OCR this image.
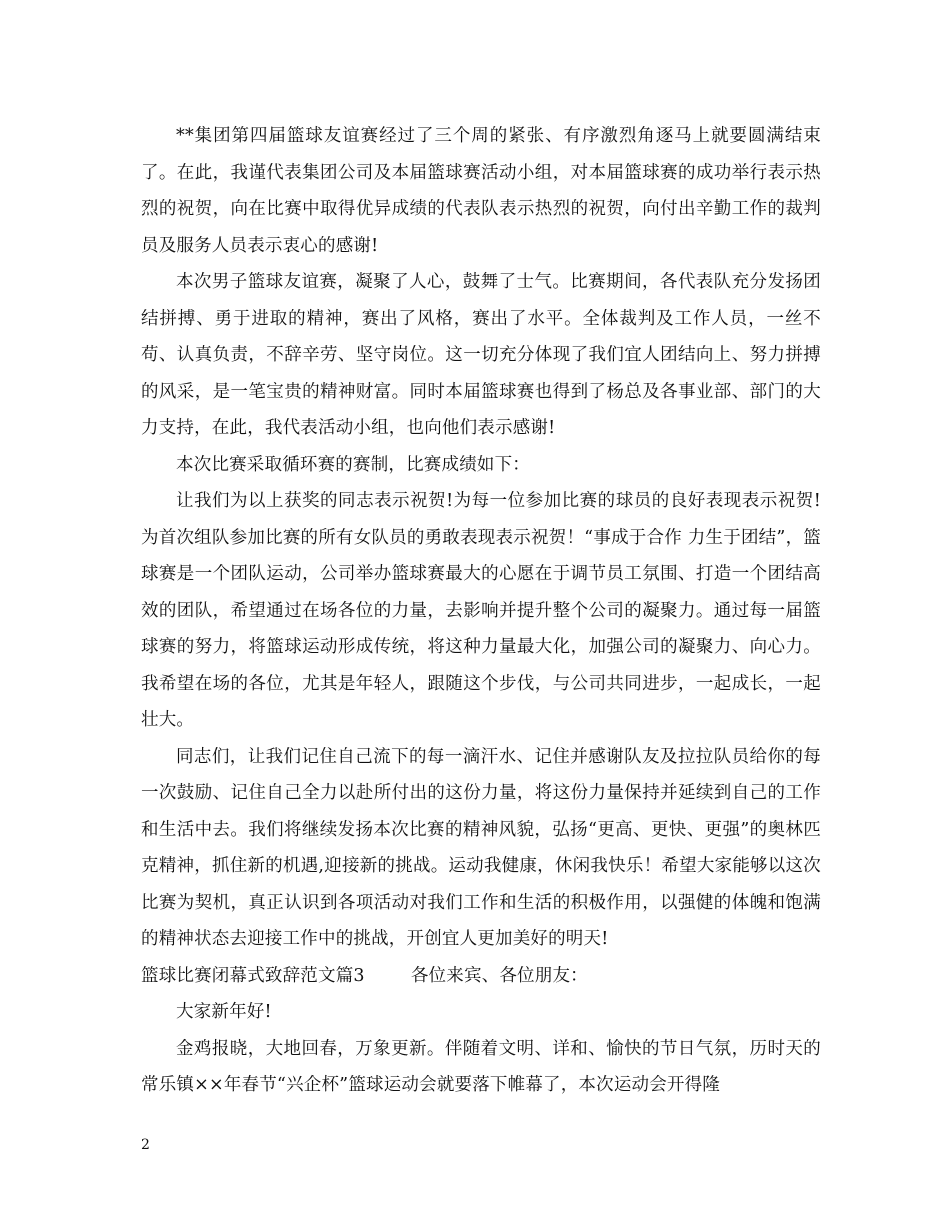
**集团第四届篮球友谊赛经过了三个周的紧张、有序激烈角逐马上就要圆满结束了。在此，我谨代表集团公司及本届篮球赛活动小组，对本届篮球赛的成功举行表示热烈的祝贺，向在比赛中取得优异成绩的代表队表示热烈的祝贺，向付出辛勤工作的裁判员及服务人员表示衷心的感谢!

本次男子篮球友谊赛，凝聚了人心，鼓舞了士气。比赛期间，各代表队充分发扬团结拼搏、勇于进取的精神，赛出了风格，赛出了水平。全体裁判及工作人员，一丝不苟、认真负责，不辞辛劳、坚守岗位。这一切充分体现了我们宜人团结向上、努力拼搏的风采，是一笔宝贵的精神财富。同时本届篮球赛也得到了杨总及各事业部、部门的大力支持，在此，我代表活动小组，也向他们表示感谢!

本次比赛采取循环赛的赛制，比赛成绩如下：

让我们为以上获奖的同志表示祝贺!为每一位参加比赛的球员的良好表现表示祝贺!为首次组队参加比赛的所有女队员的勇敢表现表示祝贺！“事成于合作 力生于团结”，篮球赛是一个团队运动，公司举办篮球赛最大的心愿在于调节员工氛围、打造一个团结高效的团队，希望通过在场各位的力量，去影响并提升整个公司的凝聚力。通过每一届篮球赛的努力，将篮球运动形成传统，将这种力量最大化，加强公司的凝聚力、向心力。我希望在场的各位，尤其是年轻人，跟随这个步伐，与公司共同进步，一起成长，一起壮大。

同志们，让我们记住自己流下的每一滴汗水、记住并感谢队友及拉拉队员给你的每一次鼓励、记住自己全力以赴所付出的这份力量，将这份力量保持并延续到自己的工作和生活中去。我们将继续发扬本次比赛的精神风貌，弘扬“更高、更快、更强”的奥林匹克精神，抓住新的机遇,迎接新的挑战。运动我健康，休闲我快乐！希望大家能够以这次比赛为契机，真正认识到各项活动对我们工作和生活的积极作用，以强健的体魄和饱满的精神状态去迎接工作中的挑战，开创宜人更加美好的明天!

篮球比赛闭幕式致辞范文篇3	各位来宾、各位朋友：

大家新年好!

金鸡报晓，大地回春，万象更新。伴随着文明、详和、愉快的节日气氛，历时天的常乐镇××年春节“兴企杯”篮球运动会就要落下帷幕了，本次运动会开得隆

2
